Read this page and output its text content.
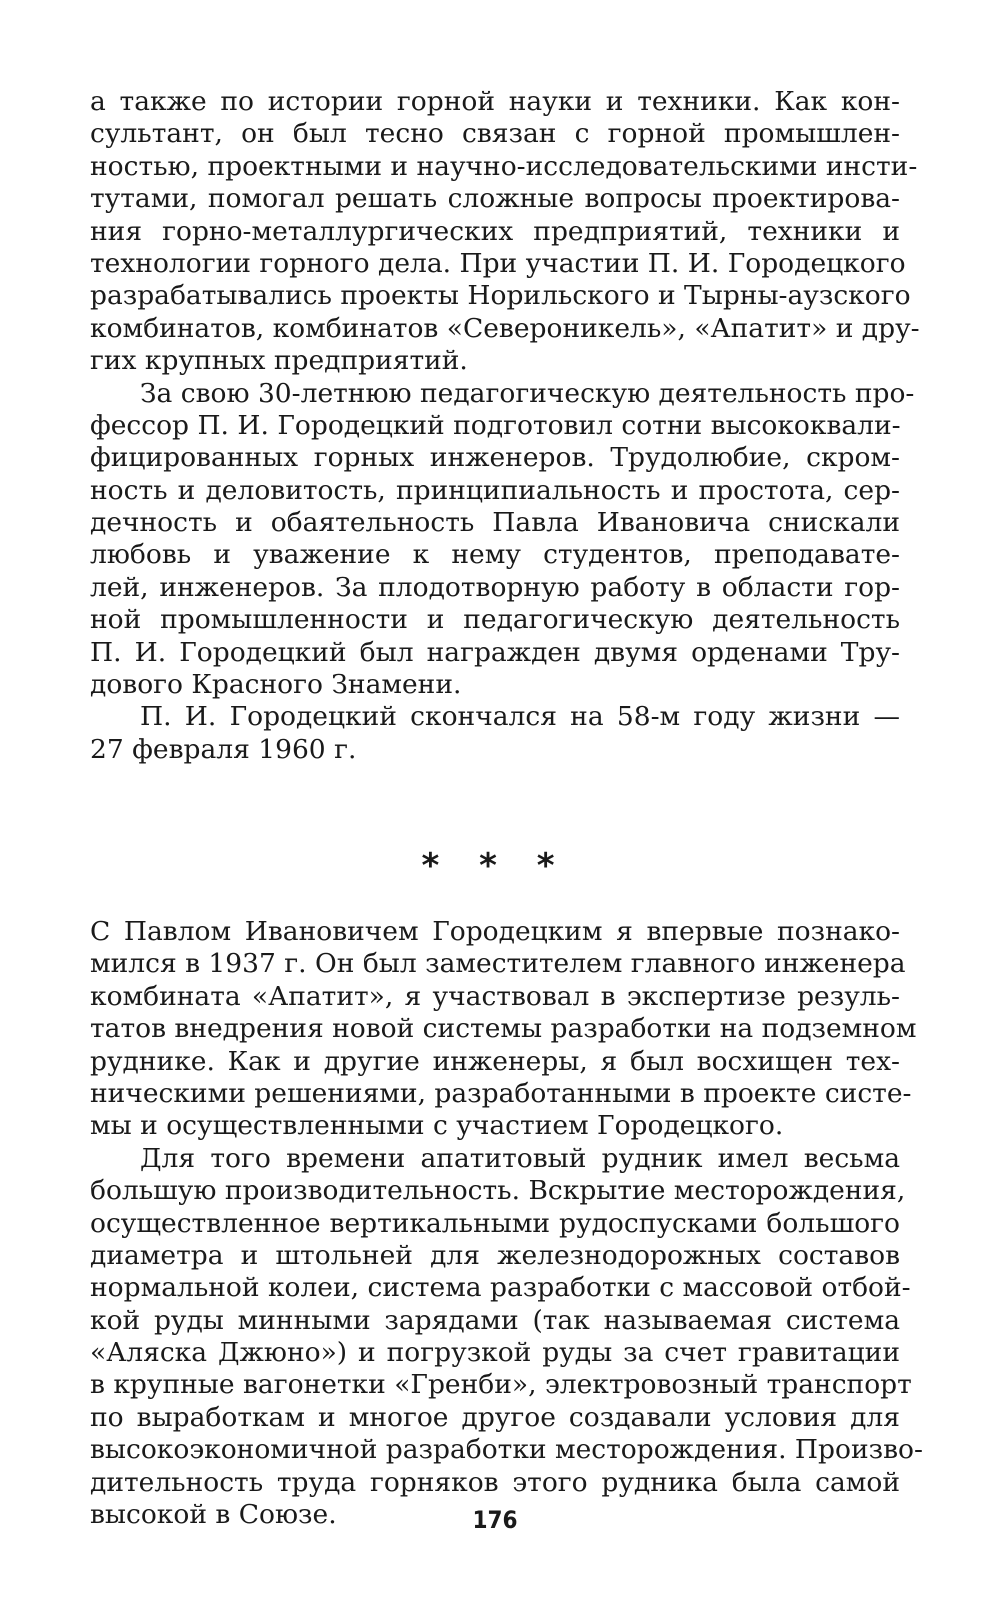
а также по истории горной науки и техники. Как кон-
сультант, он был тесно связан с горной промышлен-
ностью, проектными и научно-исследовательскими инсти-
тутами, помогал решать сложные вопросы проектирова-
ния горно-металлургических предприятий, техники и
технологии горного дела. При участии П. И. Городецкого
разрабатывались проекты Норильского и Тырны-аузского
комбинатов, комбинатов «Североникель», «Апатит» и дру-
гих крупных предприятий.
За свою 30-летнюю педагогическую деятельность про-
фессор П. И. Городецкий подготовил сотни высококвали-
фицированных горных инженеров. Трудолюбие, скром-
ность и деловитость, принципиальность и простота, сер-
дечность и обаятельность Павла Ивановича снискали
любовь и уважение к нему студентов, преподавате-
лей, инженеров. За плодотворную работу в области гор-
ной промышленности и педагогическую деятельность
П. И. Городецкий был награжден двумя орденами Тру-
дового Красного Знамени.
П. И. Городецкий скончался на 58-м году жизни —
27 февраля 1960 г.
* * *
С Павлом Ивановичем Городецким я впервые познако-
мился в 1937 г. Он был заместителем главного инженера
комбината «Апатит», я участвовал в экспертизе резуль-
татов внедрения новой системы разработки на подземном
руднике. Как и другие инженеры, я был восхищен тех-
ническими решениями, разработанными в проекте систе-
мы и осуществленными с участием Городецкого.
Для того времени апатитовый рудник имел весьма
большую производительность. Вскрытие месторождения,
осуществленное вертикальными рудоспусками большого
диаметра и штольней для железнодорожных составов
нормальной колеи, система разработки с массовой отбой-
кой руды минными зарядами (так называемая система
«Аляска Джюно») и погрузкой руды за счет гравитации
в крупные вагонетки «Гренби», электровозный транспорт
по выработкам и многое другое создавали условия для
высокоэкономичной разработки месторождения. Произво-
дительность труда горняков этого рудника была самой
высокой в Союзе.	176
